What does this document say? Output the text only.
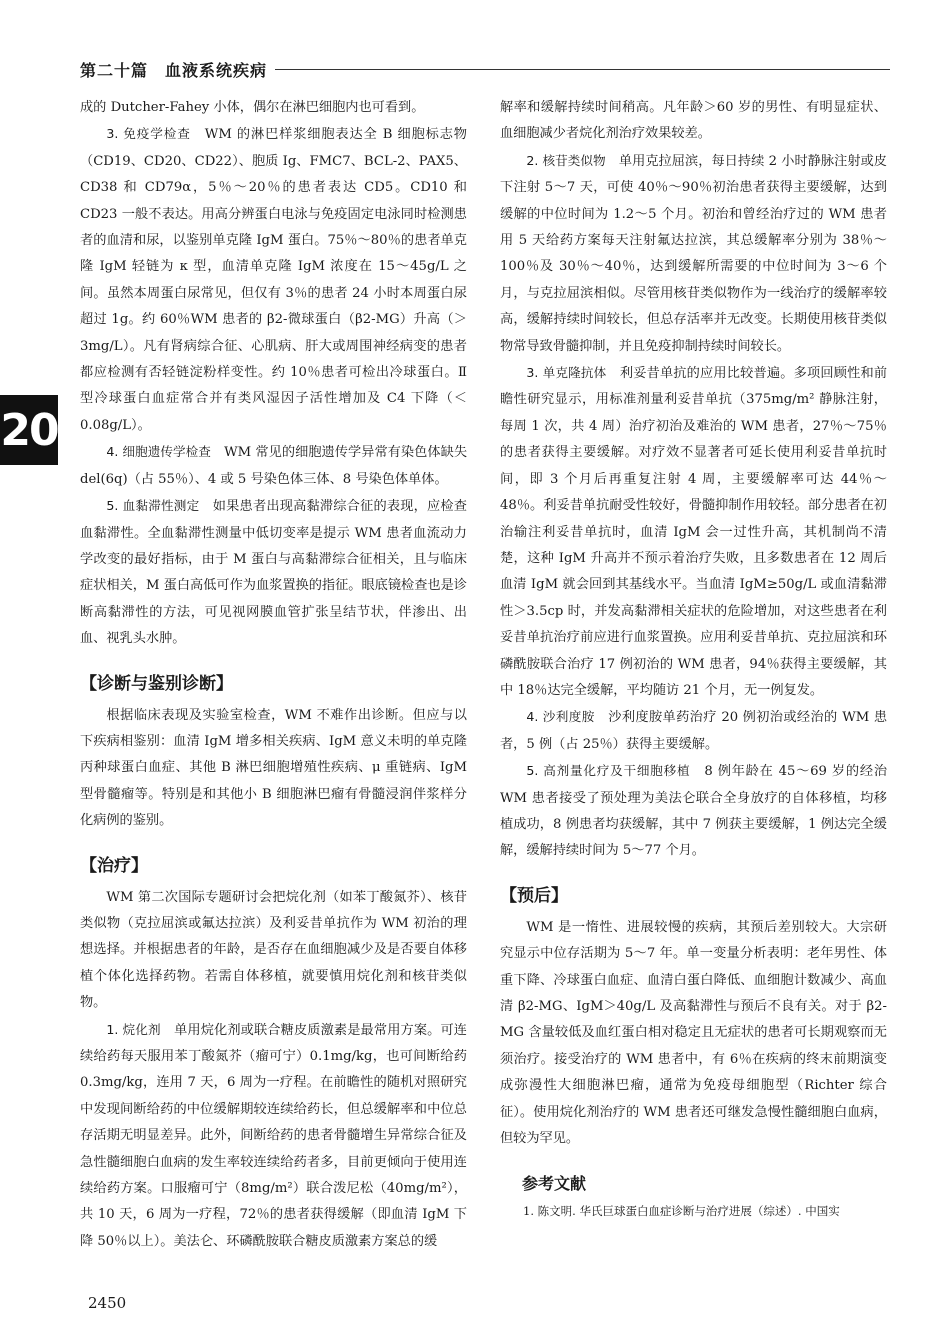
第二十篇　血液系统疾病
20

成的 Dutcher-Fahey 小体，偶尔在淋巴细胞内也可看到。

3. 免疫学检查　 WM 的淋巴样浆细胞表达全 B 细胞标志物（CD19、CD20、CD22）、胞质 Ig、FMC7、BCL-2、PAX5、CD38 和 CD79α，5％～20％的患者表达 CD5。CD10 和 CD23 一般不表达。用高分辨蛋白电泳与免疫固定电泳同时检测患者的血清和尿，以鉴别单克隆 IgM 蛋白。75％～80％的患者单克隆 IgM 轻链为 κ 型，血清单克隆 IgM 浓度在 15～45g/L 之间。虽然本周蛋白尿常见，但仅有 3％的患者 24 小时本周蛋白尿超过 1g。约 60％WM 患者的 β2-微球蛋白（β2-MG）升高（＞3mg/L）。凡有肾病综合征、心肌病、肝大或周围神经病变的患者都应检测有否轻链淀粉样变性。约 10％患者可检出冷球蛋白。Ⅱ 型冷球蛋白血症常合并有类风湿因子活性增加及 C4 下降（＜0.08g/L）。

4. 细胞遗传学检查　 WM 常见的细胞遗传学异常有染色体缺失 del(6q)（占 55％）、4 或 5 号染色体三体、8 号染色体单体。

5. 血黏滞性测定　 如果患者出现高黏滞综合征的表现，应检查血黏滞性。全血黏滞性测量中低切变率是提示 WM 患者血流动力学改变的最好指标，由于 M 蛋白与高黏滞综合征相关，且与临床症状相关，M 蛋白高低可作为血浆置换的指征。眼底镜检查也是诊断高黏滞性的方法，可见视网膜血管扩张呈结节状，伴渗出、出血、视乳头水肿。

【诊断与鉴别诊断】

根据临床表现及实验室检查，WM 不难作出诊断。但应与以下疾病相鉴别：血清 IgM 增多相关疾病、IgM 意义未明的单克隆丙种球蛋白血症、其他 B 淋巴细胞增殖性疾病、μ 重链病、IgM 型骨髓瘤等。特别是和其他小 B 细胞淋巴瘤有骨髓浸润伴浆样分化病例的鉴别。

【治疗】

WM 第二次国际专题研讨会把烷化剂（如苯丁酸氮芥）、核苷类似物（克拉屈滨或氟达拉滨）及利妥昔单抗作为 WM 初治的理想选择。并根据患者的年龄，是否存在血细胞减少及是否要自体移植个体化选择药物。若需自体移植，就要慎用烷化剂和核苷类似物。

1. 烷化剂　 单用烷化剂或联合糖皮质激素是最常用方案。可连续给药每天服用苯丁酸氮芥（瘤可宁）0.1mg/kg，也可间断给药 0.3mg/kg，连用 7 天，6 周为一疗程。在前瞻性的随机对照研究中发现间断给药的中位缓解期较连续给药长，但总缓解率和中位总存活期无明显差异。此外，间断给药的患者骨髓增生异常综合征及急性髓细胞白血病的发生率较连续给药者多，目前更倾向于使用连续给药方案。口服瘤可宁（8mg/m²）联合泼尼松（40mg/m²），共 10 天，6 周为一疗程，72％的患者获得缓解（即血清 IgM 下降 50％以上）。美法仑、环磷酰胺联合糖皮质激素方案总的缓

解率和缓解持续时间稍高。凡年龄＞60 岁的男性、有明显症状、血细胞减少者烷化剂治疗效果较差。

2. 核苷类似物　 单用克拉屈滨，每日持续 2 小时静脉注射或皮下注射 5～7 天，可使 40％～90％初治患者获得主要缓解，达到缓解的中位时间为 1.2～5 个月。初治和曾经治疗过的 WM 患者用 5 天给药方案每天注射氟达拉滨，其总缓解率分别为 38％～100％及 30％～40％，达到缓解所需要的中位时间为 3～6 个月，与克拉屈滨相似。尽管用核苷类似物作为一线治疗的缓解率较高，缓解持续时间较长，但总存活率并无改变。长期使用核苷类似物常导致骨髓抑制，并且免疫抑制持续时间较长。

3. 单克隆抗体　 利妥昔单抗的应用比较普遍。多项回顾性和前瞻性研究显示，用标准剂量利妥昔单抗（375mg/m² 静脉注射，每周 1 次，共 4 周）治疗初治及难治的 WM 患者，27％～75％的患者获得主要缓解。对疗效不显著者可延长使用利妥昔单抗时间，即 3 个月后再重复注射 4 周，主要缓解率可达 44％～48％。利妥昔单抗耐受性较好，骨髓抑制作用较轻。部分患者在初治输注利妥昔单抗时，血清 IgM 会一过性升高，其机制尚不清楚，这种 IgM 升高并不预示着治疗失败，且多数患者在 12 周后血清 IgM 就会回到其基线水平。当血清 IgM≥50g/L 或血清黏滞性＞3.5cp 时，并发高黏滞相关症状的危险增加，对这些患者在利妥昔单抗治疗前应进行血浆置换。应用利妥昔单抗、克拉屈滨和环磷酰胺联合治疗 17 例初治的 WM 患者，94％获得主要缓解，其中 18％达完全缓解，平均随访 21 个月，无一例复发。

4. 沙利度胺　 沙利度胺单药治疗 20 例初治或经治的 WM 患者，5 例（占 25％）获得主要缓解。

5. 高剂量化疗及干细胞移植　 8 例年龄在 45～69 岁的经治 WM 患者接受了预处理为美法仑联合全身放疗的自体移植，均移植成功，8 例患者均获缓解，其中 7 例获主要缓解，1 例达完全缓解，缓解持续时间为 5～77 个月。

【预后】

WM 是一惰性、进展较慢的疾病，其预后差别较大。大宗研究显示中位存活期为 5～7 年。单一变量分析表明：老年男性、体重下降、冷球蛋白血症、血清白蛋白降低、血细胞计数减少、高血清 β2-MG、IgM＞40g/L 及高黏滞性与预后不良有关。对于 β2-MG 含量较低及血红蛋白相对稳定且无症状的患者可长期观察而无须治疗。接受治疗的 WM 患者中，有 6％在疾病的终末前期演变成弥漫性大细胞淋巴瘤，通常为免疫母细胞型（Richter 综合征）。使用烷化剂治疗的 WM 患者还可继发急慢性髓细胞白血病，但较为罕见。

参考文献

1. 陈文明. 华氏巨球蛋白血症诊断与治疗进展（综述）. 中国实

2450
